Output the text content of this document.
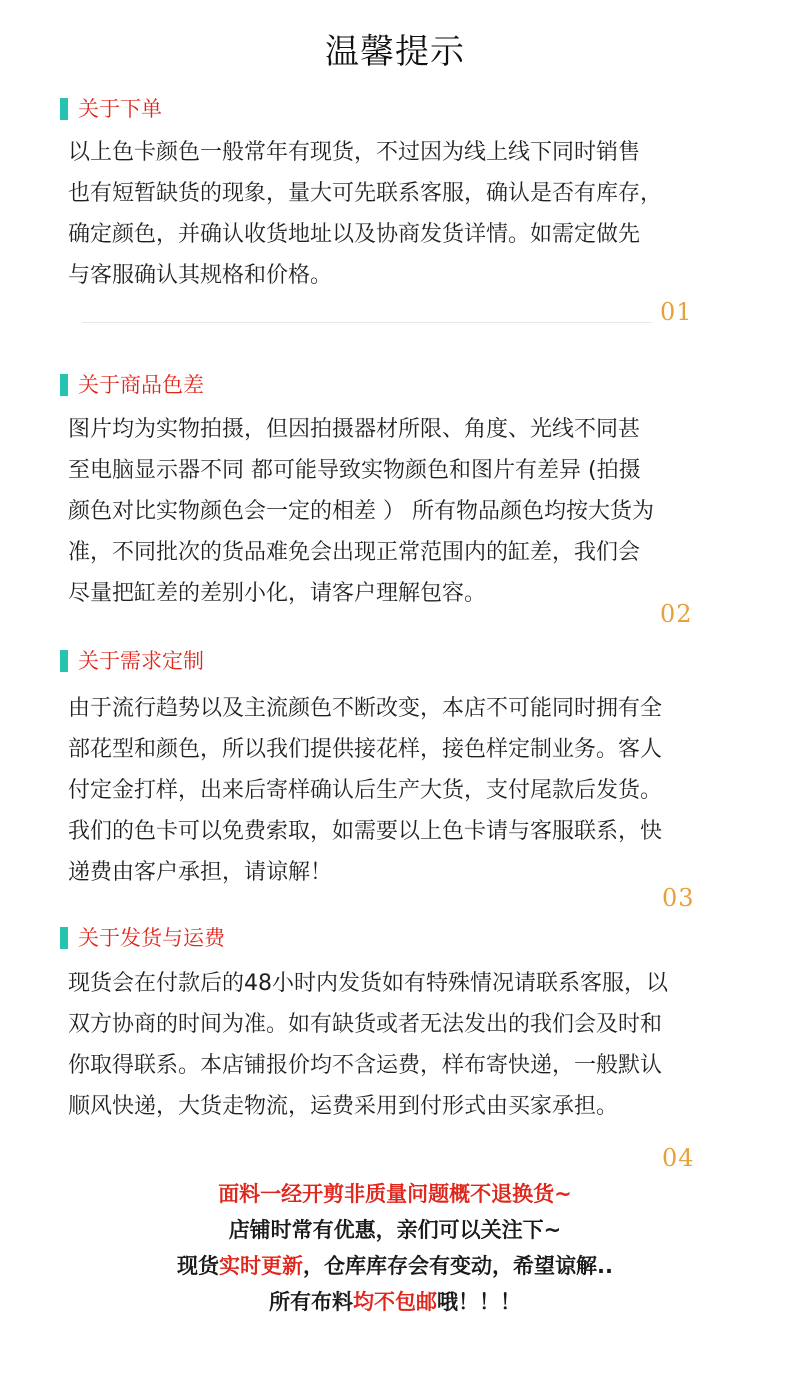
温馨提示
关于下单
以上色卡颜色一般常年有现货，不过因为线上线下同时销售
也有短暂缺货的现象，量大可先联系客服，确认是否有库存，
确定颜色，并确认收货地址以及协商发货详情。如需定做先
与客服确认其规格和价格。
01
关于商品色差
图片均为实物拍摄，但因拍摄器材所限、角度、光线不同甚
至电脑显示器不同 都可能导致实物颜色和图片有差异 (拍摄
颜色对比实物颜色会一定的相差 ） 所有物品颜色均按大货为
准，不同批次的货品难免会出现正常范围内的缸差，我们会
尽量把缸差的差别小化，请客户理解包容。
02
关于需求定制
由于流行趋势以及主流颜色不断改变，本店不可能同时拥有全
部花型和颜色，所以我们提供接花样，接色样定制业务。客人
付定金打样，出来后寄样确认后生产大货，支付尾款后发货。
我们的色卡可以免费索取，如需要以上色卡请与客服联系，快
递费由客户承担，请谅解！
03
关于发货与运费
现货会在付款后的48小时内发货如有特殊情况请联系客服，以
双方协商的时间为准。如有缺货或者无法发出的我们会及时和
你取得联系。本店铺报价均不含运费，样布寄快递，一般默认
顺风快递，大货走物流，运费采用到付形式由买家承担。
04
面料一经开剪非质量问题概不退换货~
店铺时常有优惠，亲们可以关注下~
现货实时更新，仓库库存会有变动，希望谅解..
所有布料均不包邮哦！！！
